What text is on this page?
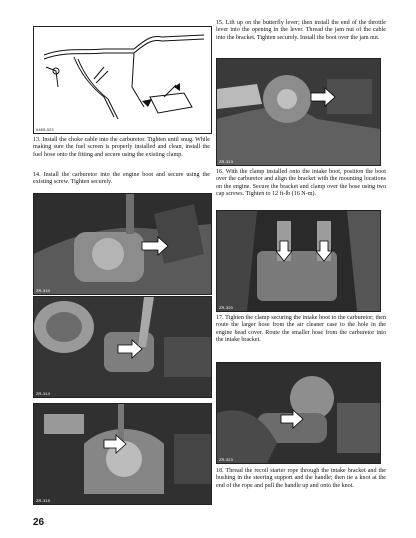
0465-023
13. Install the choke cable into the carburetor. Tighten until snug. While making sure the fuel screen is properly installed and clean, install the fuel hose onto the fitting and secure using the existing clamp.
14. Install the carburetor into the engine boot and secure using the existing screw. Tighten securely.
ZR-310
ZR-314
ZR-315
15. Lift up on the butterfly lever; then install the end of the throttle lever into the opening in the lever. Thread the jam nut of the cable into the bracket. Tighten securely. Install the boot over the jam nut.
ZR-313
16. With the clamp installed onto the intake boot, position the boot over the carburetor and align the bracket with the mounting locations on the engine. Secure the bracket and clamp over the hose using two cap screws. Tighten to 12 ft-lb (16 N-m).
ZR-320
17. Tighten the clamp securing the intake boot to the carburetor; then route the larger hose from the air cleaner case to the hole in the engine head cover. Route the smaller hose from the carburetor into the intake bracket.
ZR-323
18. Thread the recoil starter rope through the intake bracket and the bushing in the steering support and the handle; then tie a knot at the end of the rope and pull the handle up and onto the knot.
26
